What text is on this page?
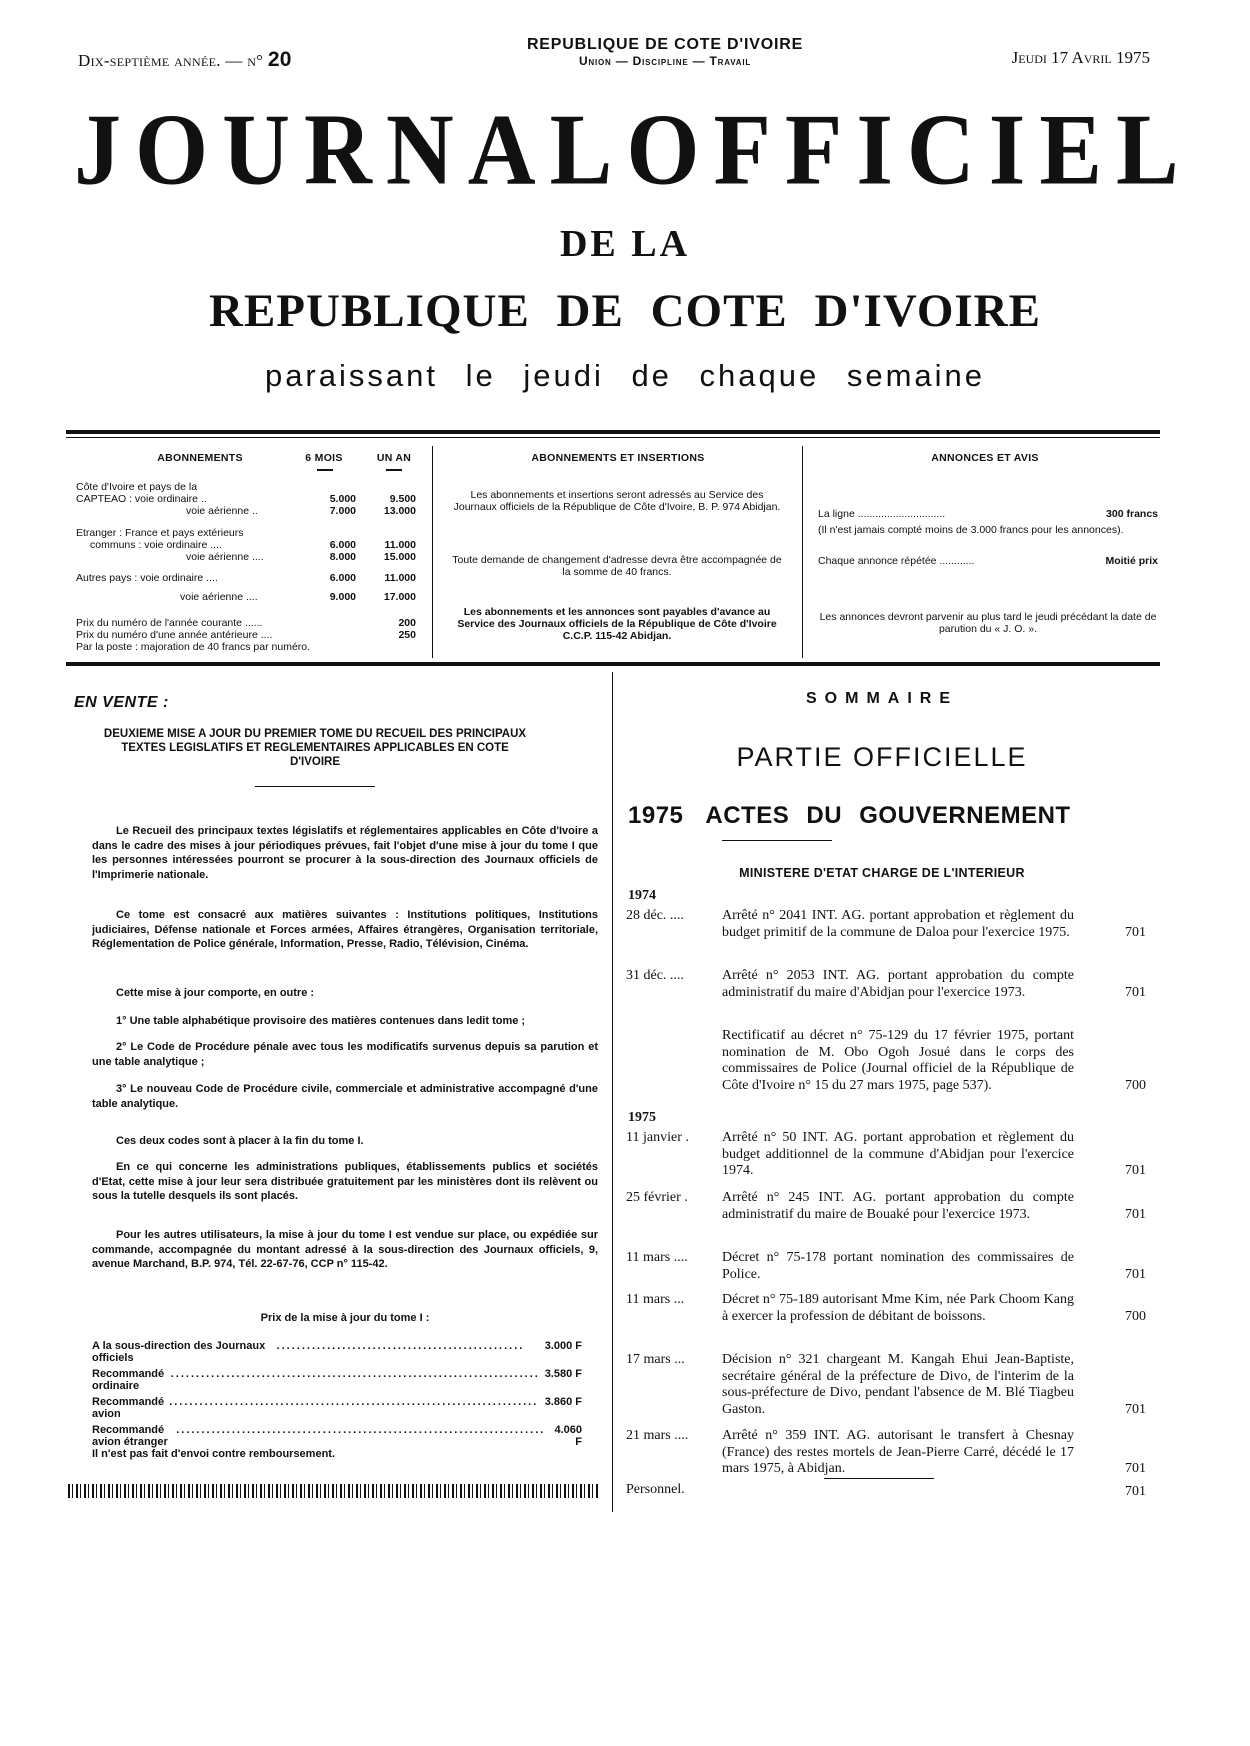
Dix-septième année. — n° 20
REPUBLIQUE DE COTE D'IVOIRE
Union — Discipline — Travail	Jeudi 17 Avril 1975
JOURNAL OFFICIEL
DE LA
REPUBLIQUE DE COTE D'IVOIRE
paraissant le jeudi de chaque semaine
ABONNEMENTS	6 MOIS	UN AN
Côte d'Ivoire et pays de la
CAPTEAO : voie ordinaire ..	5.000	9.500
voie aérienne ..	7.000	13.000
Etranger : France et pays extérieurs
communs : voie ordinaire ....	6.000	11.000
voie aérienne ....	8.000	15.000
Autres pays : voie ordinaire ....	6.000	11.000
voie aérienne ....	9.000	17.000
Prix du numéro de l'année courante ......	200
Prix du numéro d'une année antérieure ....	250
Par la poste : majoration de 40 francs par numéro.
ABONNEMENTS ET INSERTIONS
Les abonnements et insertions seront adressés au Service des Journaux officiels de la République de Côte d'Ivoire, B. P. 974 Abidjan.
Toute demande de changement d'adresse devra être accompagnée de la somme de 40 francs.
Les abonnements et les annonces sont payables d'avance au Service des Journaux officiels de la République de Côte d'Ivoire C.C.P. 115-42 Abidjan.
ANNONCES ET AVIS
La ligne ..............................	300 francs
(Il n'est jamais compté moins de 3.000 francs pour les annonces).
Chaque annonce répétée ............	Moitié prix
Les annonces devront parvenir au plus tard le jeudi précédant la date de parution du « J. O. ».
EN VENTE :
DEUXIEME MISE A JOUR DU PREMIER TOME DU RECUEIL DES PRINCIPAUX TEXTES LEGISLATIFS ET REGLEMENTAIRES APPLICABLES EN COTE D'IVOIRE
Le Recueil des principaux textes législatifs et réglementaires applicables en Côte d'Ivoire a dans le cadre des mises à jour périodiques prévues, fait l'objet d'une mise à jour du tome I que les personnes intéressées pourront se procurer à la sous-direction des Journaux officiels de l'Imprimerie nationale.
Ce tome est consacré aux matières suivantes : Institutions politiques, Institutions judiciaires, Défense nationale et Forces armées, Affaires étrangères, Organisation territoriale, Réglementation de Police générale, Information, Presse, Radio, Télévision, Cinéma.
Cette mise à jour comporte, en outre :
1° Une table alphabétique provisoire des matières contenues dans ledit tome ;
2° Le Code de Procédure pénale avec tous les modificatifs survenus depuis sa parution et une table analytique ;
3° Le nouveau Code de Procédure civile, commerciale et administrative accompagné d'une table analytique.
Ces deux codes sont à placer à la fin du tome I.
En ce qui concerne les administrations publiques, établissements publics et sociétés d'Etat, cette mise à jour leur sera distribuée gratuitement par les ministères dont ils relèvent ou sous la tutelle desquels ils sont placés.
Pour les autres utilisateurs, la mise à jour du tome I est vendue sur place, ou expédiée sur commande, accompagnée du montant adressé à la sous-direction des Journaux officiels, 9, avenue Marchand, B.P. 974, Tél. 22-67-76, CCP n° 115-42.
Prix de la mise à jour du tome I :
A la sous-direction des Journaux officiels
.................................................	3.000 F
Recommandé ordinaire
......................................................................... 3.580 F
Recommandé avion
......................................................................... 3.860 F
Recommandé avion étranger
......................................................................... 4.060 F
Il n'est pas fait d'envoi contre remboursement.
SOMMAIRE
PARTIE OFFICIELLE
1975 ACTES DU GOUVERNEMENT
MINISTERE D'ETAT CHARGE DE L'INTERIEUR
1974
28 déc. ....	Arrêté n° 2041 INT. AG. portant approbation et règlement du budget primitif de la commune de Daloa pour l'exercice 1975.	701
31 déc. ....	Arrêté n° 2053 INT. AG. portant approbation du compte administratif du maire d'Abidjan pour l'exercice 1973.	701
Rectificatif au décret n° 75-129 du 17 février 1975, portant nomination de M. Obo Ogoh Josué dans le corps des commissaires de Police (Journal officiel de la République de Côte d'Ivoire n° 15 du 27 mars 1975, page 537).	700
1975
11 janvier .	Arrêté n° 50 INT. AG. portant approbation et règlement du budget additionnel de la commune d'Abidjan pour l'exercice 1974.	701
25 février .	Arrêté n° 245 INT. AG. portant approbation du compte administratif du maire de Bouaké pour l'exercice 1973.	701
11 mars ....	Décret n° 75-178 portant nomination des commissaires de Police.	701
11 mars ...	Décret n° 75-189 autorisant Mme Kim, née Park Choom Kang à exercer la profession de débitant de boissons.	700
17 mars ...	Décision n° 321 chargeant M. Kangah Ehui Jean-Baptiste, secrétaire général de la préfecture de Divo, de l'interim de la sous-préfecture de Divo, pendant l'absence de M. Blé Tiagbeu Gaston.	701
21 mars ....	Arrêté n° 359 INT. AG. autorisant le transfert à Chesnay (France) des restes mortels de Jean-Pierre Carré, décédé le 17 mars 1975, à Abidjan.	701
Personnel.	701
